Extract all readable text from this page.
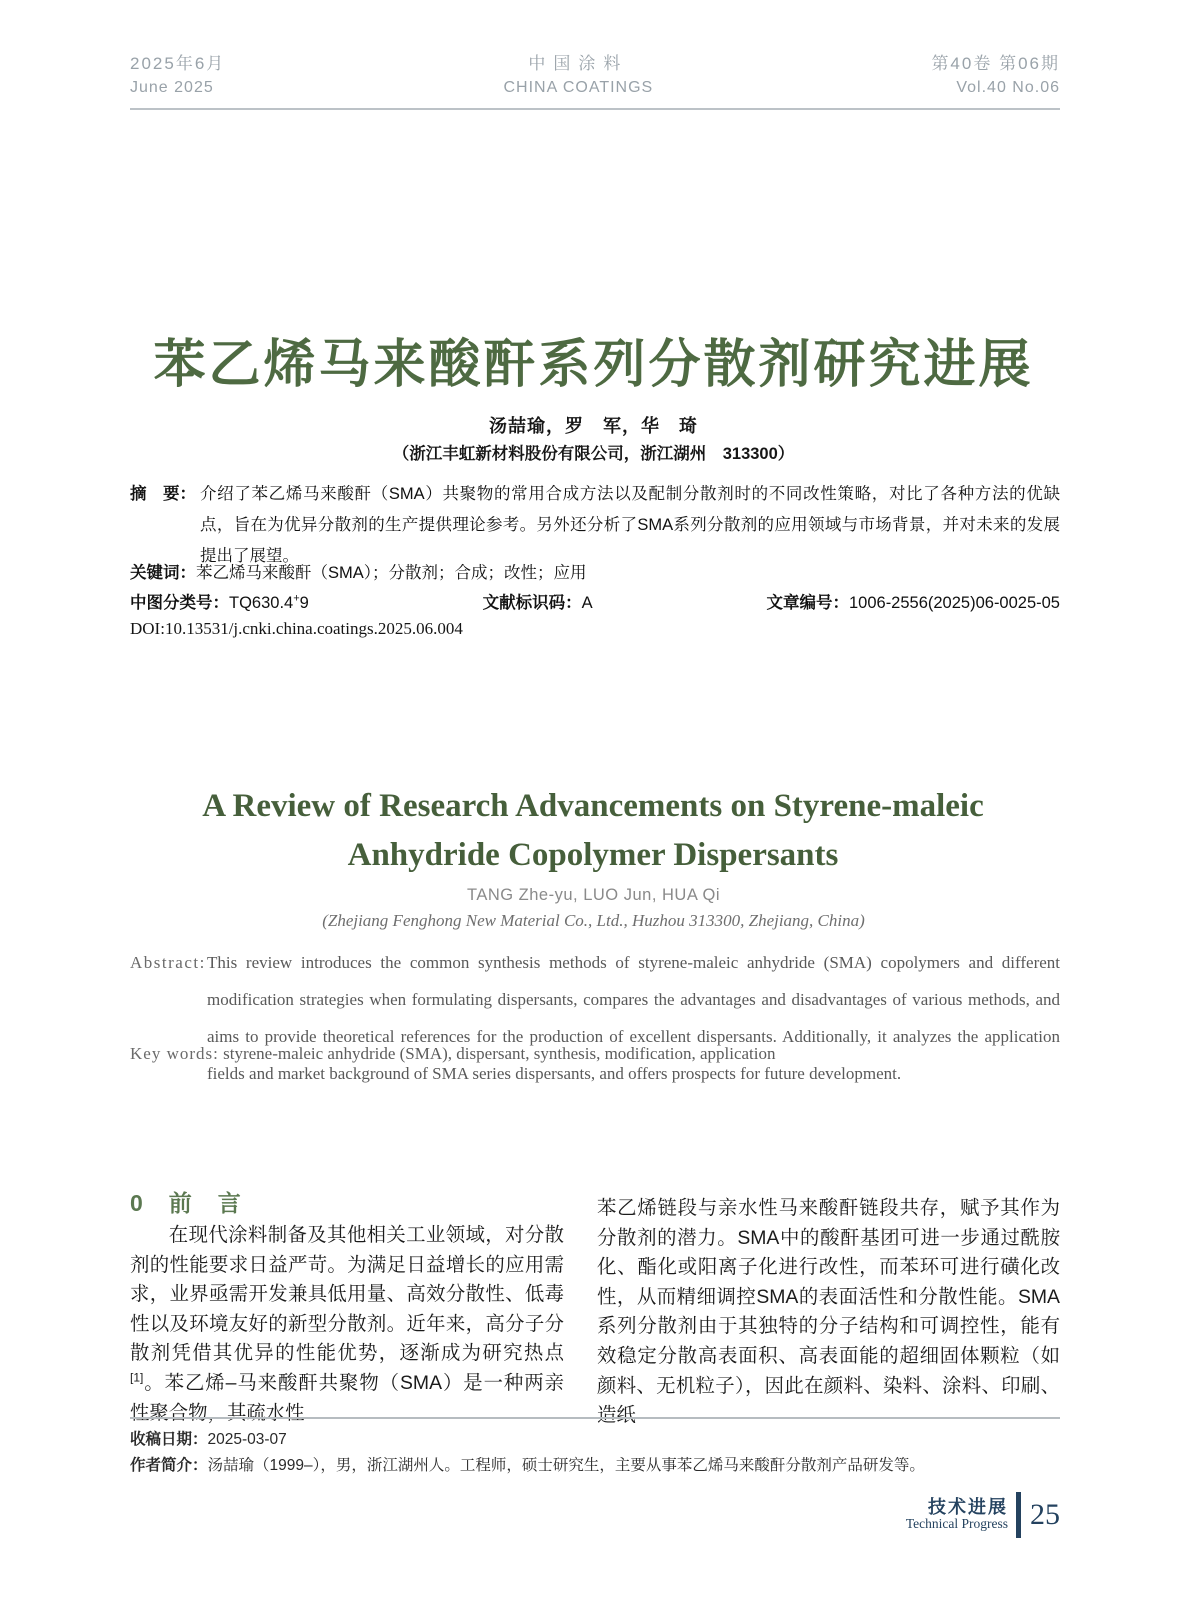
2025年6月
June 2025
中国涂料
CHINA COATINGS
第40卷 第06期
Vol.40 No.06
苯乙烯马来酸酐系列分散剂研究进展
汤喆瑜，罗　军，华　琦
（浙江丰虹新材料股份有限公司，浙江湖州　313300）
摘　要： 介绍了苯乙烯马来酸酐（SMA）共聚物的常用合成方法以及配制分散剂时的不同改性策略，对比了各种方法的优缺点，旨在为优异分散剂的生产提供理论参考。另外还分析了SMA系列分散剂的应用领域与市场背景，并对未来的发展提出了展望。
关键词：苯乙烯马来酸酐（SMA）；分散剂；合成；改性；应用
中图分类号：TQ630.4+9	文献标识码：A	文章编号：1006-2556(2025)06-0025-05
DOI:10.13531/j.cnki.china.coatings.2025.06.004
A Review of Research Advancements on Styrene-maleic Anhydride Copolymer Dispersants
TANG Zhe-yu, LUO Jun, HUA Qi
(Zhejiang Fenghong New Material Co., Ltd., Huzhou 313300, Zhejiang, China)
Abstract: This review introduces the common synthesis methods of styrene-maleic anhydride (SMA) copolymers and different modification strategies when formulating dispersants, compares the advantages and disadvantages of various methods, and aims to provide theoretical references for the production of excellent dispersants. Additionally, it analyzes the application fields and market background of SMA series dispersants, and offers prospects for future development.
Key words: styrene-maleic anhydride (SMA), dispersant, synthesis, modification, application
0 前言
在现代涂料制备及其他相关工业领域，对分散剂的性能要求日益严苛。为满足日益增长的应用需求，业界亟需开发兼具低用量、高效分散性、低毒性以及环境友好的新型分散剂。近年来，高分子分散剂凭借其优异的性能优势，逐渐成为研究热点[1]。苯乙烯–马来酸酐共聚物（SMA）是一种两亲性聚合物，其疏水性
苯乙烯链段与亲水性马来酸酐链段共存，赋予其作为分散剂的潜力。SMA中的酸酐基团可进一步通过酰胺化、酯化或阳离子化进行改性，而苯环可进行磺化改性，从而精细调控SMA的表面活性和分散性能。SMA系列分散剂由于其独特的分子结构和可调控性，能有效稳定分散高表面积、高表面能的超细固体颗粒（如颜料、无机粒子），因此在颜料、染料、涂料、印刷、造纸
收稿日期：2025-03-07
作者简介：汤喆瑜（1999–），男，浙江湖州人。工程师，硕士研究生，主要从事苯乙烯马来酸酐分散剂产品研发等。
技术进展
Technical Progress 25
